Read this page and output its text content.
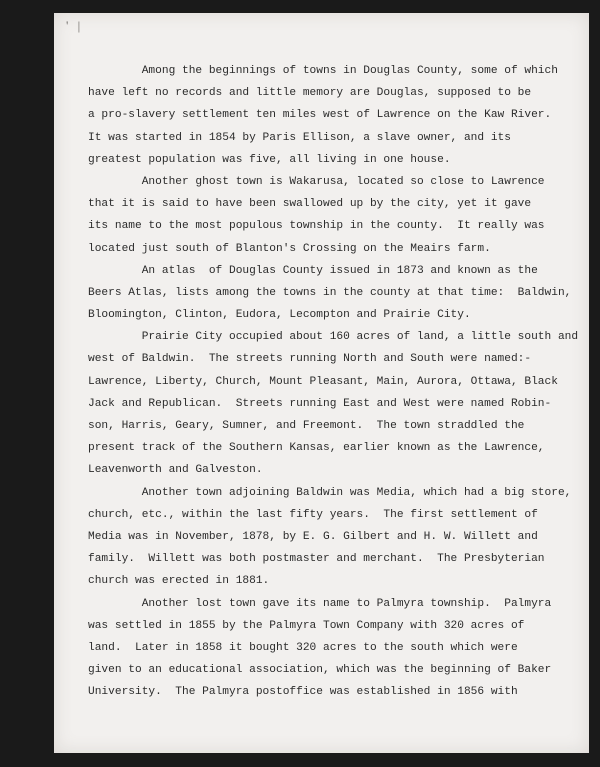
' |
Among the beginnings of towns in Douglas County, some of which
have left no records and little memory are Douglas, supposed to be
a pro-slavery settlement ten miles west of Lawrence on the Kaw River.
It was started in 1854 by Paris Ellison, a slave owner, and its
greatest population was five, all living in one house.
Another ghost town is Wakarusa, located so close to Lawrence
that it is said to have been swallowed up by the city, yet it gave
its name to the most populous township in the county.  It really was
located just south of Blanton's Crossing on the Meairs farm.
An atlas  of Douglas County issued in 1873 and known as the
Beers Atlas, lists among the towns in the county at that time:  Baldwin,
Bloomington, Clinton, Eudora, Lecompton and Prairie City.
Prairie City occupied about 160 acres of land, a little south and
west of Baldwin.  The streets running North and South were named:-
Lawrence, Liberty, Church, Mount Pleasant, Main, Aurora, Ottawa, Black
Jack and Republican.  Streets running East and West were named Robin-
son, Harris, Geary, Sumner, and Freemont.  The town straddled the
present track of the Southern Kansas, earlier known as the Lawrence,
Leavenworth and Galveston.
Another town adjoining Baldwin was Media, which had a big store,
church, etc., within the last fifty years.  The first settlement of
Media was in November, 1878, by E. G. Gilbert and H. W. Willett and
family.  Willett was both postmaster and merchant.  The Presbyterian
church was erected in 1881.
Another lost town gave its name to Palmyra township.  Palmyra
was settled in 1855 by the Palmyra Town Company with 320 acres of
land.  Later in 1858 it bought 320 acres to the south which were
given to an educational association, which was the beginning of Baker
University.  The Palmyra postoffice was established in 1856 with
